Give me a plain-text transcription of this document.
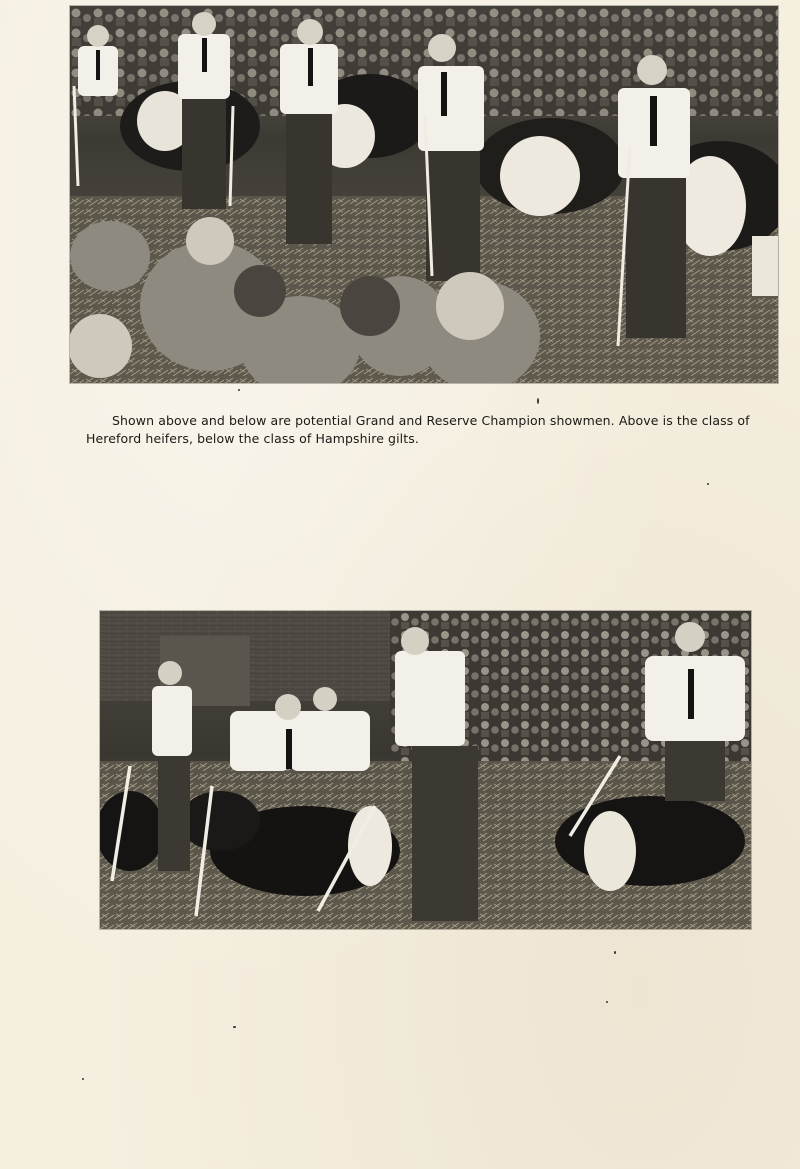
Shown above and below are potential Grand and Reserve Champion showmen. Above is the class of Hereford heifers, below the class of Hampshire gilts.
